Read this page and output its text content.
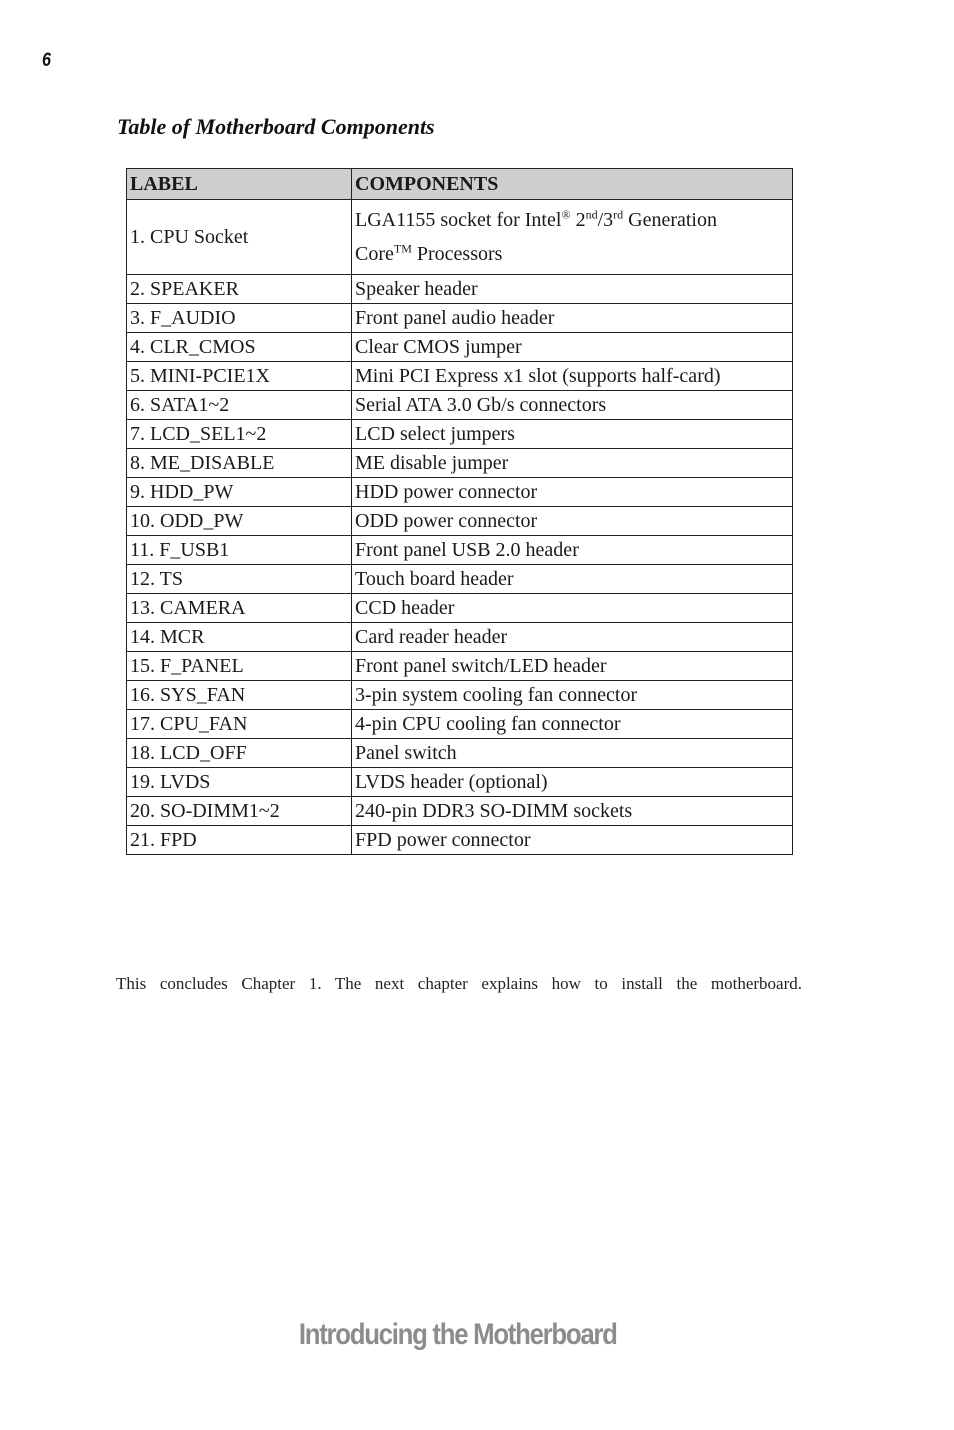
6
Table of Motherboard Components
LABEL	COMPONENTS
1. CPU Socket	LGA1155 socket for Intel® 2nd/3rd Generation
Core™ Processors
2. SPEAKER	Speaker header
3. F_AUDIO	Front panel audio header
4. CLR_CMOS	Clear CMOS jumper
5. MINI-PCIE1X	Mini PCI Express x1 slot (supports half-card)
6. SATA1~2	Serial ATA 3.0 Gb/s connectors
7. LCD_SEL1~2	LCD select jumpers
8. ME_DISABLE	ME disable jumper
9. HDD_PW	HDD power connector
10. ODD_PW	ODD power connector
11. F_USB1	Front panel USB 2.0 header
12. TS	Touch board header
13. CAMERA	CCD header
14. MCR	Card reader header
15. F_PANEL	Front panel switch/LED header
16. SYS_FAN	3-pin system cooling fan connector
17. CPU_FAN	4-pin CPU cooling fan connector
18. LCD_OFF	Panel switch
19. LVDS	LVDS header (optional)
20. SO-DIMM1~2	240-pin DDR3 SO-DIMM sockets
21. FPD	FPD power connector
This concludes Chapter 1. The next chapter explains how to install the motherboard.
Introducing the Motherboard
